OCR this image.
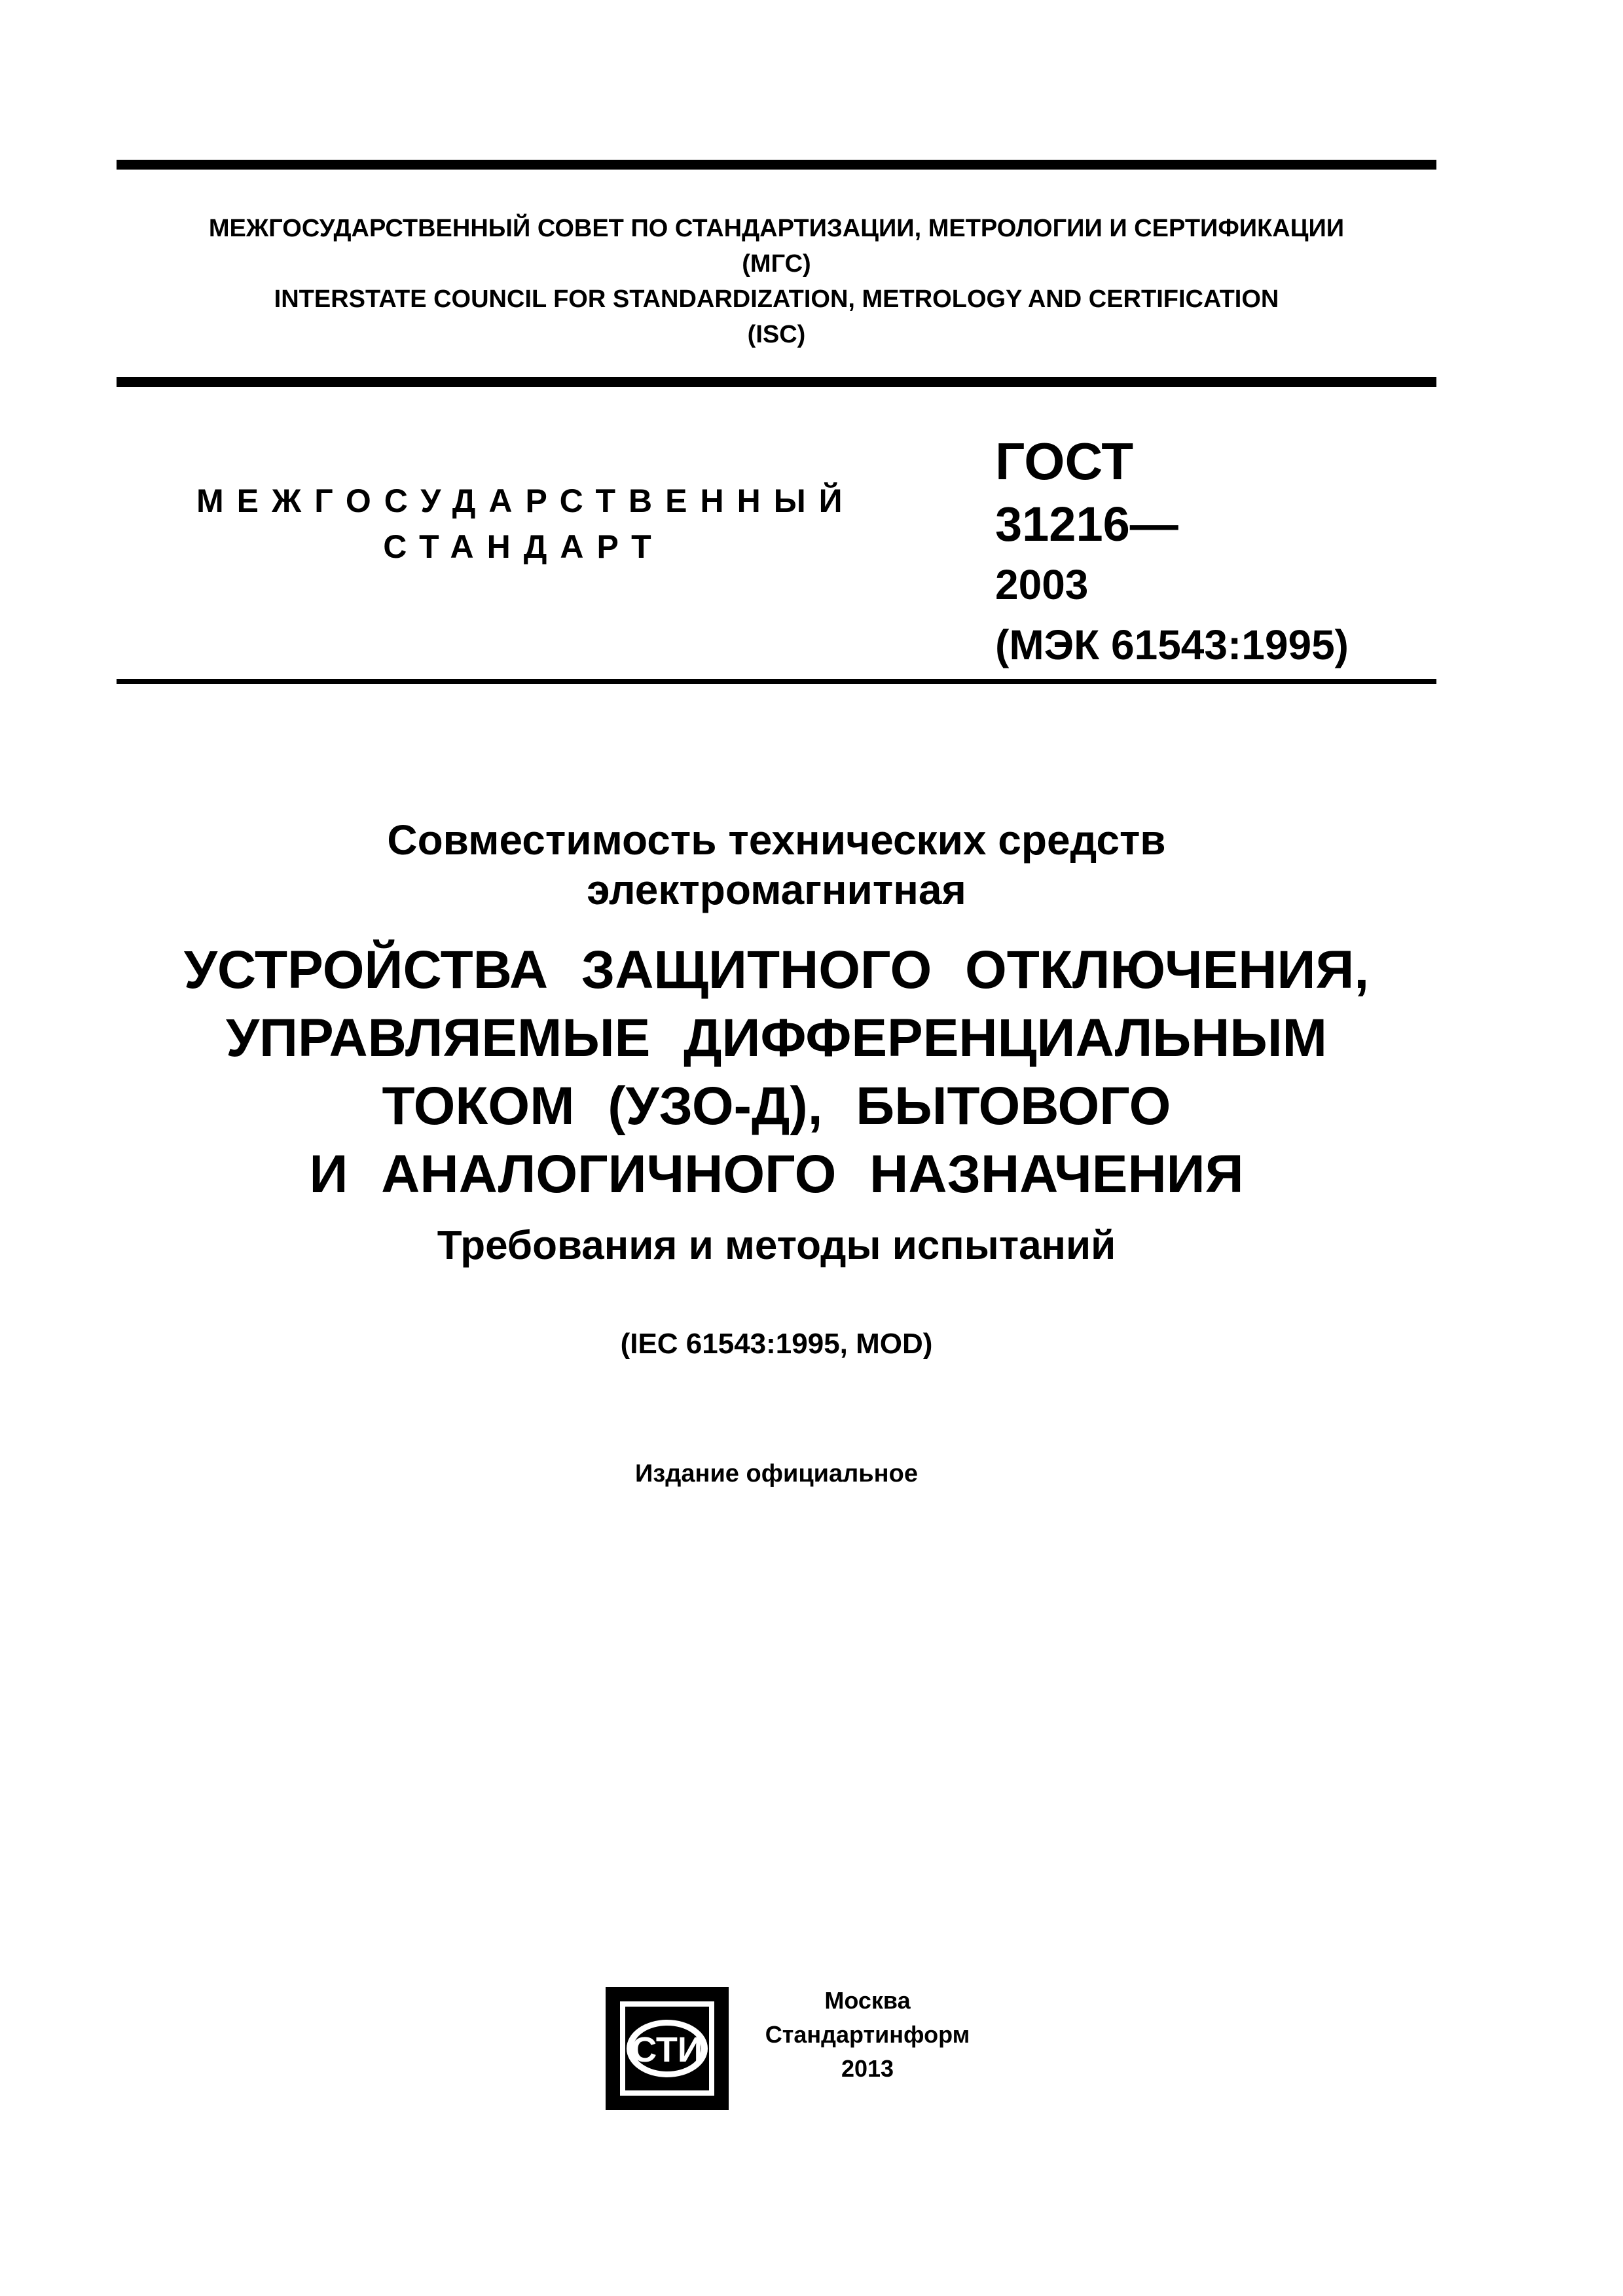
МЕЖГОСУДАРСТВЕННЫЙ СОВЕТ ПО СТАНДАРТИЗАЦИИ, МЕТРОЛОГИИ И СЕРТИФИКАЦИИ
(МГС)
INTERSTATE COUNCIL FOR STANDARDIZATION, METROLOGY AND CERTIFICATION
(ISC)
МЕЖГОСУДАРСТВЕННЫЙ
СТАНДАРТ
ГОСТ
31216—
2003
(МЭК 61543:1995)
Совместимость технических средств
электромагнитная
УСТРОЙСТВА ЗАЩИТНОГО ОТКЛЮЧЕНИЯ,
УПРАВЛЯЕМЫЕ ДИФФЕРЕНЦИАЛЬНЫМ
ТОКОМ (УЗО-Д), БЫТОВОГО
И АНАЛОГИЧНОГО НАЗНАЧЕНИЯ
Требования и методы испытаний
(IEC 61543:1995, MOD)
Издание официальное
СТИ
Москва
Стандартинформ
2013
